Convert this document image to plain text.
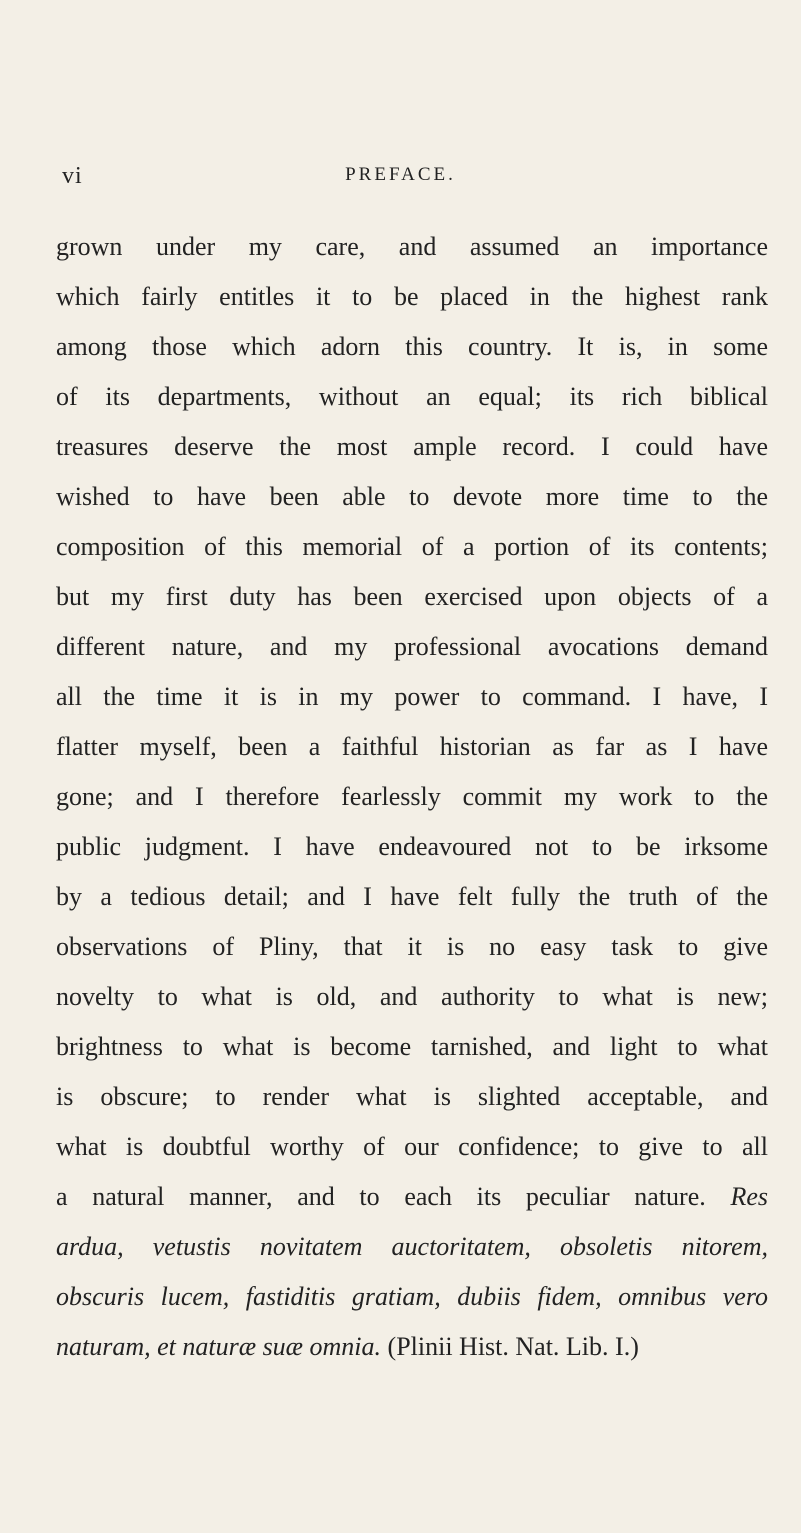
vi	PREFACE.
grown under my care, and assumed an importance
which fairly entitles it to be placed in the highest rank
among those which adorn this country. It is, in some
of its departments, without an equal; its rich biblical
treasures deserve the most ample record. I could have
wished to have been able to devote more time to the
composition of this memorial of a portion of its contents;
but my first duty has been exercised upon objects of a
different nature, and my professional avocations demand
all the time it is in my power to command. I have, I
flatter myself, been a faithful historian as far as I have
gone; and I therefore fearlessly commit my work to the
public judgment. I have endeavoured not to be irksome
by a tedious detail; and I have felt fully the truth of the
observations of Pliny, that it is no easy task to give
novelty to what is old, and authority to what is new;
brightness to what is become tarnished, and light to what
is obscure; to render what is slighted acceptable, and
what is doubtful worthy of our confidence; to give to all
a natural manner, and to each its peculiar nature. Res
ardua, vetustis novitatem auctoritatem, obsoletis nitorem,
obscuris lucem, fastiditis gratiam, dubiis fidem, omnibus vero
naturam, et naturæ suæ omnia. (Plinii Hist. Nat. Lib. I.)
